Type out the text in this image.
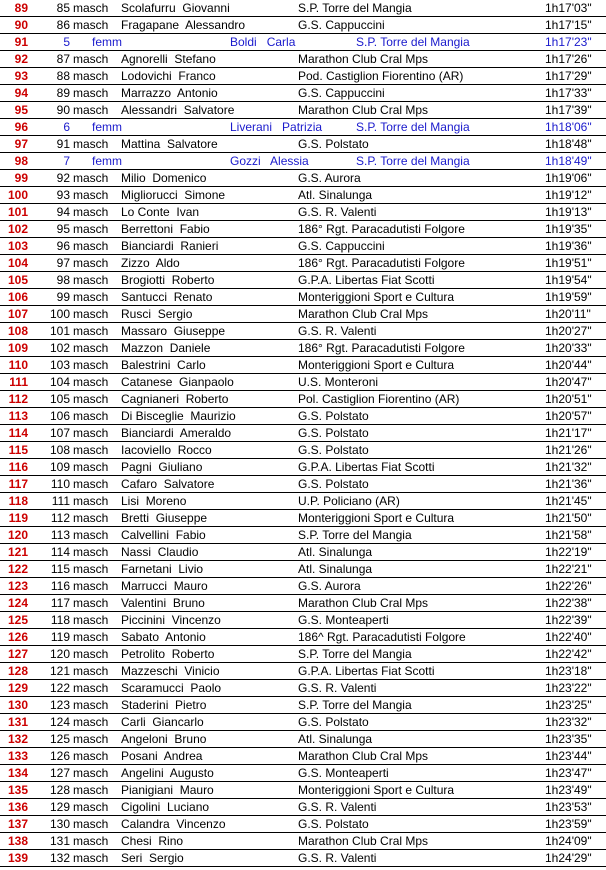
89	85 masch Scolafurru Giovanni	S.P. Torre del Mangia	1h17'03"
90	86 masch Fragapane Alessandro	G.S. Cappuccini	1h17'15"
91	5 femm	Boldi Carla	S.P. Torre del Mangia	1h17'23"
92	87 masch Agnorelli Stefano	Marathon Club Cral Mps	1h17'26"
93	88 masch Lodovichi Franco	Pod. Castiglion Fiorentino (AR)	1h17'29"
94	89 masch Marrazzo Antonio	G.S. Cappuccini	1h17'33"
95	90 masch Alessandri Salvatore	Marathon Club Cral Mps	1h17'39"
96	6 femm	Liverani Patrizia	S.P. Torre del Mangia	1h18'06"
97	91 masch Mattina Salvatore	G.S. Polstato	1h18'48"
98	7 femm	Gozzi Alessia	S.P. Torre del Mangia	1h18'49"
99	92 masch Milio Domenico	G.S. Aurora	1h19'06"
100	93 masch Migliorucci Simone	Atl. Sinalunga	1h19'12"
101	94 masch Lo Conte Ivan	G.S. R. Valenti	1h19'13"
102	95 masch Berrettoni Fabio	186° Rgt. Paracadutisti Folgore	1h19'35"
103	96 masch Bianciardi Ranieri	G.S. Cappuccini	1h19'36"
104	97 masch Zizzo Aldo	186° Rgt. Paracadutisti Folgore	1h19'51"
105	98 masch Brogiotti Roberto	G.P.A. Libertas Fiat Scotti	1h19'54"
106	99 masch Santucci Renato	Monteriggioni Sport e Cultura	1h19'59"
107	100 masch Rusci Sergio	Marathon Club Cral Mps	1h20'11"
108	101 masch Massaro Giuseppe	G.S. R. Valenti	1h20'27"
109	102 masch Mazzon Daniele	186° Rgt. Paracadutisti Folgore	1h20'33"
110	103 masch Balestrini Carlo	Monteriggioni Sport e Cultura	1h20'44"
111	104 masch Catanese Gianpaolo	U.S. Monteroni	1h20'47"
112	105 masch Cagnianeri Roberto	Pol. Castiglion Fiorentino (AR)	1h20'51"
113	106 masch Di Bisceglie Maurizio	G.S. Polstato	1h20'57"
114	107 masch Bianciardi Ameraldo	G.S. Polstato	1h21'17"
115	108 masch Iacoviello Rocco	G.S. Polstato	1h21'26"
116	109 masch Pagni Giuliano	G.P.A. Libertas Fiat Scotti	1h21'32"
117	110 masch Cafaro Salvatore	G.S. Polstato	1h21'36"
118	111 masch Lisi Moreno	U.P. Policiano (AR)	1h21'45"
119	112 masch Bretti Giuseppe	Monteriggioni Sport e Cultura	1h21'50"
120	113 masch Calvellini Fabio	S.P. Torre del Mangia	1h21'58"
121	114 masch Nassi Claudio	Atl. Sinalunga	1h22'19"
122	115 masch Farnetani Livio	Atl. Sinalunga	1h22'21"
123	116 masch Marrucci Mauro	G.S. Aurora	1h22'26"
124	117 masch Valentini Bruno	Marathon Club Cral Mps	1h22'38"
125	118 masch Piccinini Vincenzo	G.S. Monteaperti	1h22'39"
126	119 masch Sabato Antonio	186^ Rgt. Paracadutisti Folgore	1h22'40"
127	120 masch Petrolito Roberto	S.P. Torre del Mangia	1h22'42"
128	121 masch Mazzeschi Vinicio	G.P.A. Libertas Fiat Scotti	1h23'18"
129	122 masch Scaramucci Paolo	G.S. R. Valenti	1h23'22"
130	123 masch Staderini Pietro	S.P. Torre del Mangia	1h23'25"
131	124 masch Carli Giancarlo	G.S. Polstato	1h23'32"
132	125 masch Angeloni Bruno	Atl. Sinalunga	1h23'35"
133	126 masch Posani Andrea	Marathon Club Cral Mps	1h23'44"
134	127 masch Angelini Augusto	G.S. Monteaperti	1h23'47"
135	128 masch Pianigiani Mauro	Monteriggioni Sport e Cultura	1h23'49"
136	129 masch Cigolini Luciano	G.S. R. Valenti	1h23'53"
137	130 masch Calandra Vincenzo	G.S. Polstato	1h23'59"
138	131 masch Chesi Rino	Marathon Club Cral Mps	1h24'09"
139	132 masch Seri Sergio	G.S. R. Valenti	1h24'29"
